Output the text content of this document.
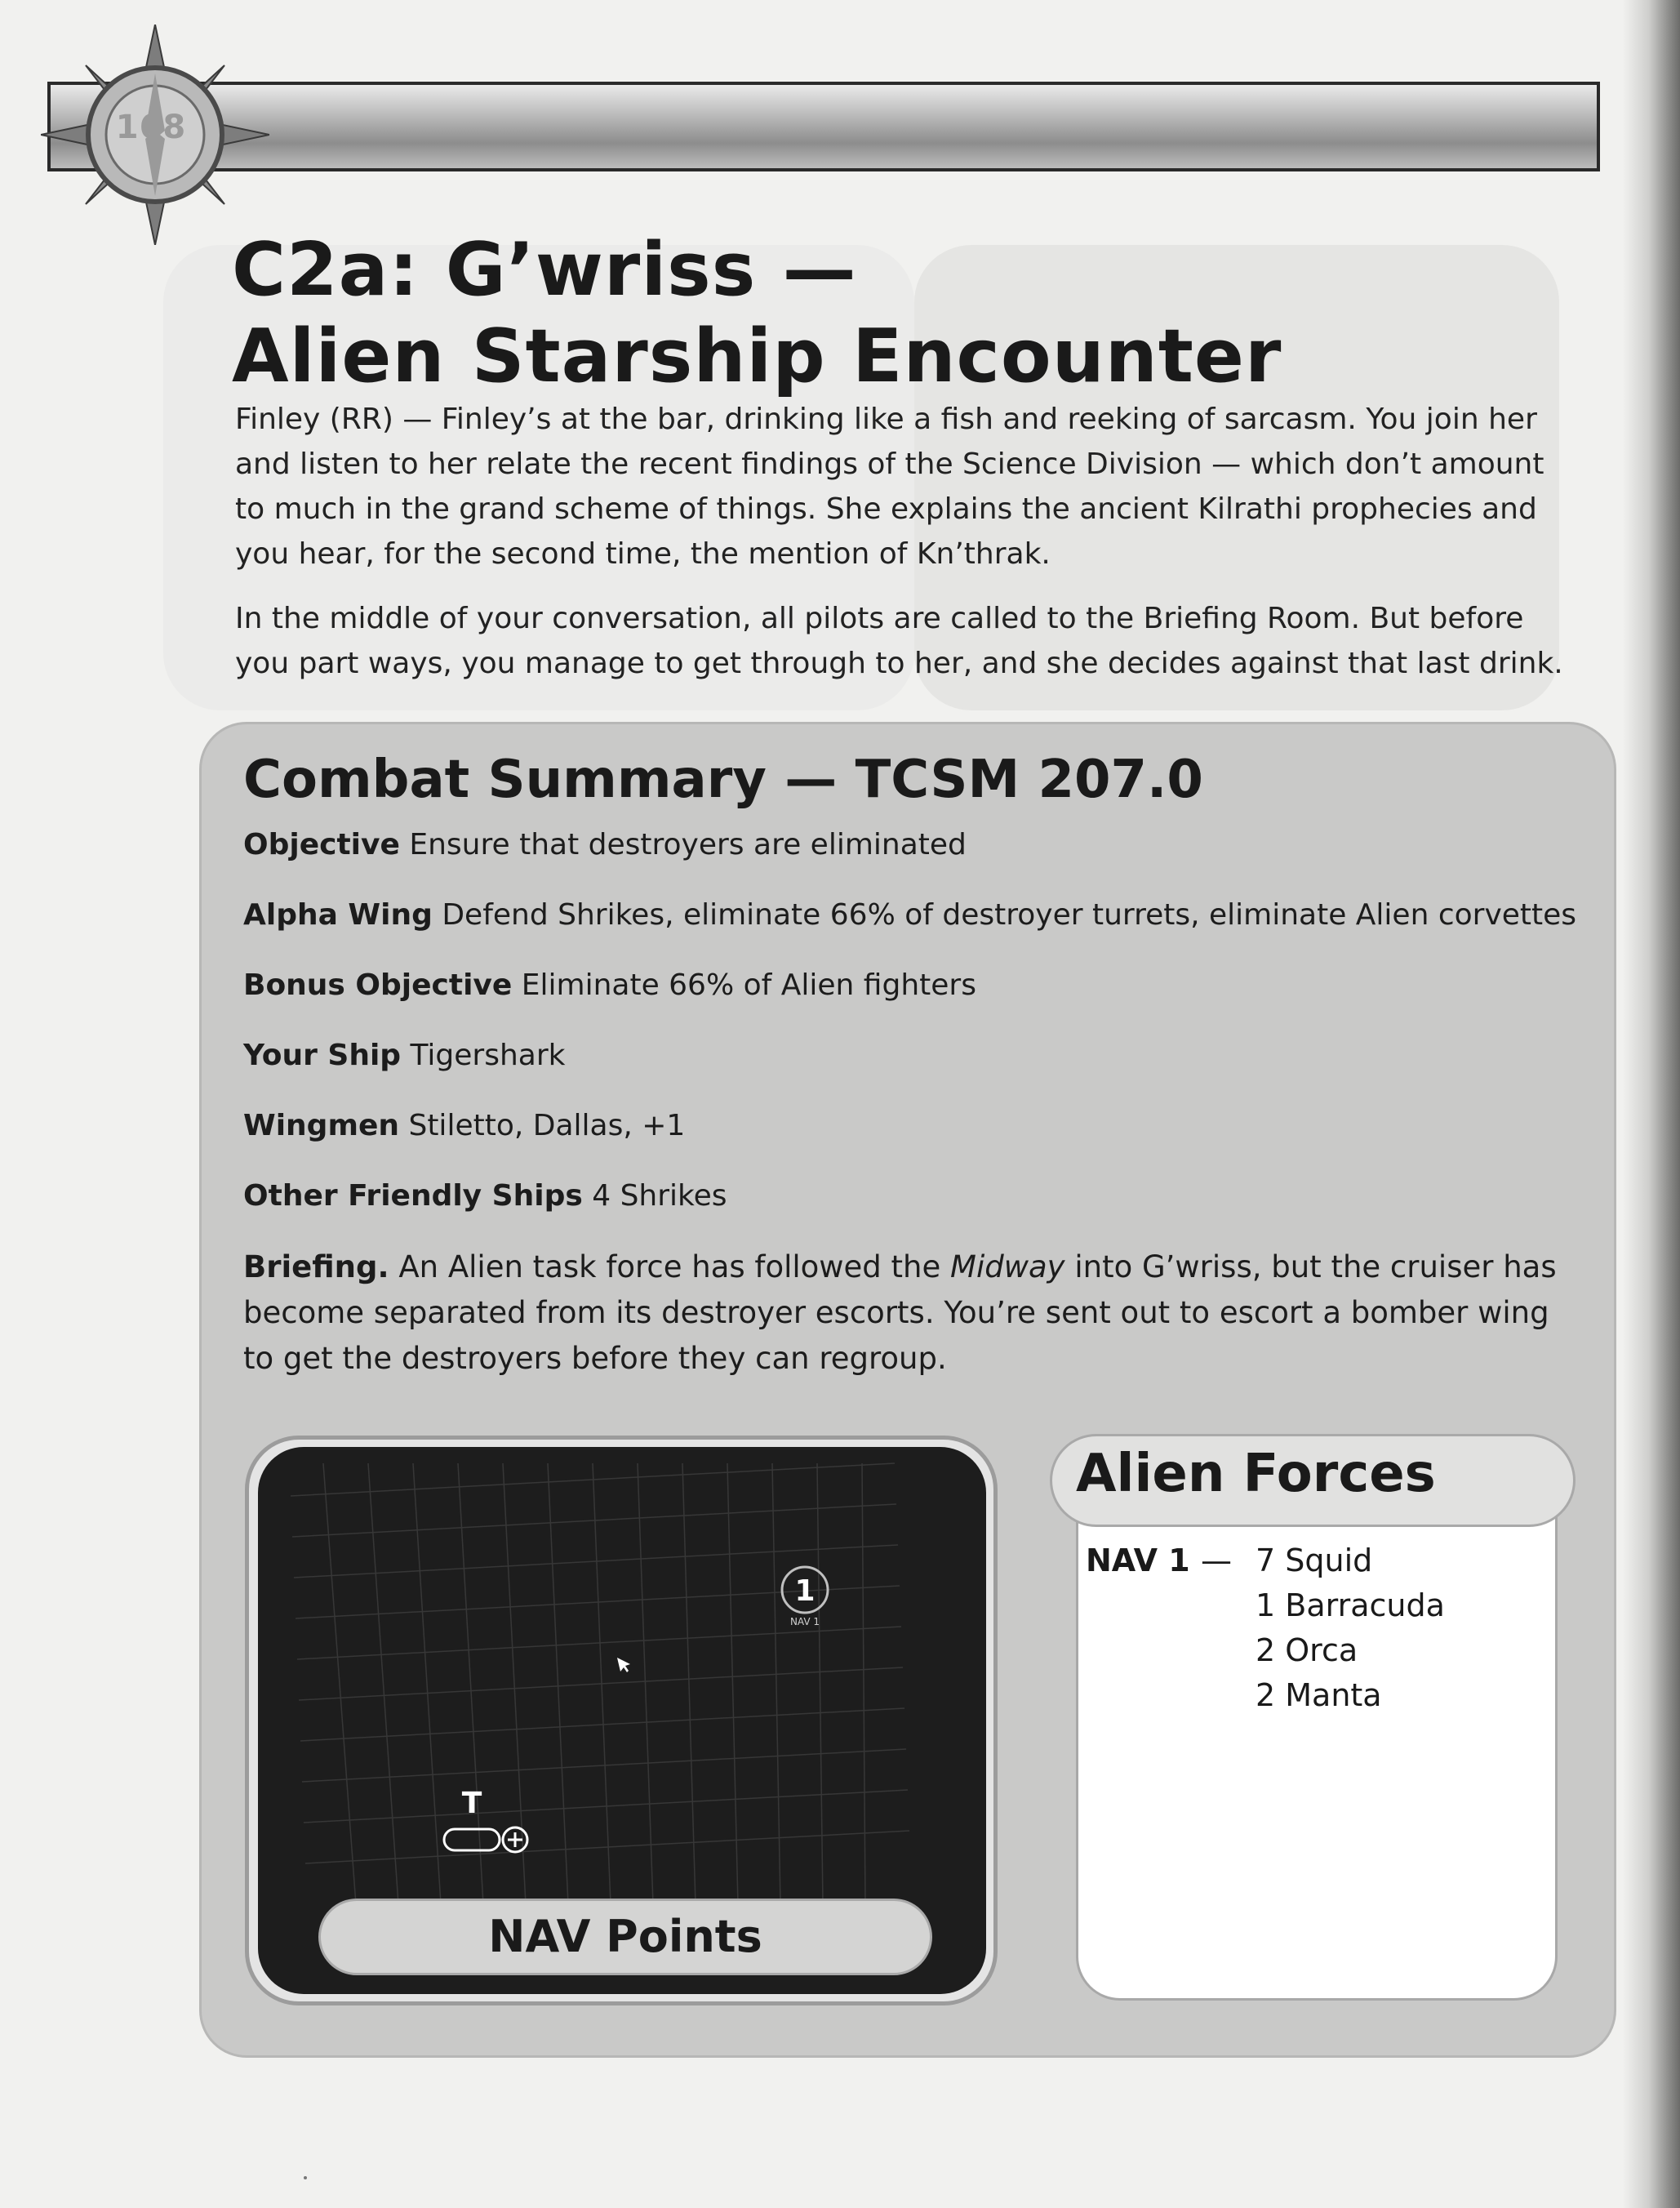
168
C2a: G’wriss —
Alien Starship Encounter

Finley (RR) — Finley’s at the bar, drinking like a fish and reeking of sarcasm. You join her and listen to her relate the recent findings of the Science Division — which don’t amount to much in the grand scheme of things. She explains the ancient Kilrathi prophecies and you hear, for the second time, the mention of Kn’thrak.

In the middle of your conversation, all pilots are called to the Briefing Room. But before you part ways, you manage to get through to her, and she decides against that last drink.

Combat Summary — TCSM 207.0

Objective Ensure that destroyers are eliminated

Alpha Wing Defend Shrikes, eliminate 66% of destroyer turrets, eliminate Alien corvettes

Bonus Objective Eliminate 66% of Alien fighters

Your Ship Tigershark

Wingmen Stiletto, Dallas, +1

Other Friendly Ships 4 Shrikes

Briefing. An Alien task force has followed the Midway into G’wriss, but the cruiser has become separated from its destroyer escorts. You’re sent out to escort a bomber wing to get the destroyers before they can regroup.
1
NAV 1
T
NAV Points
Alien Forces
NAV 1 — 7 Squid
1 Barracuda
2 Orca
2 Manta
